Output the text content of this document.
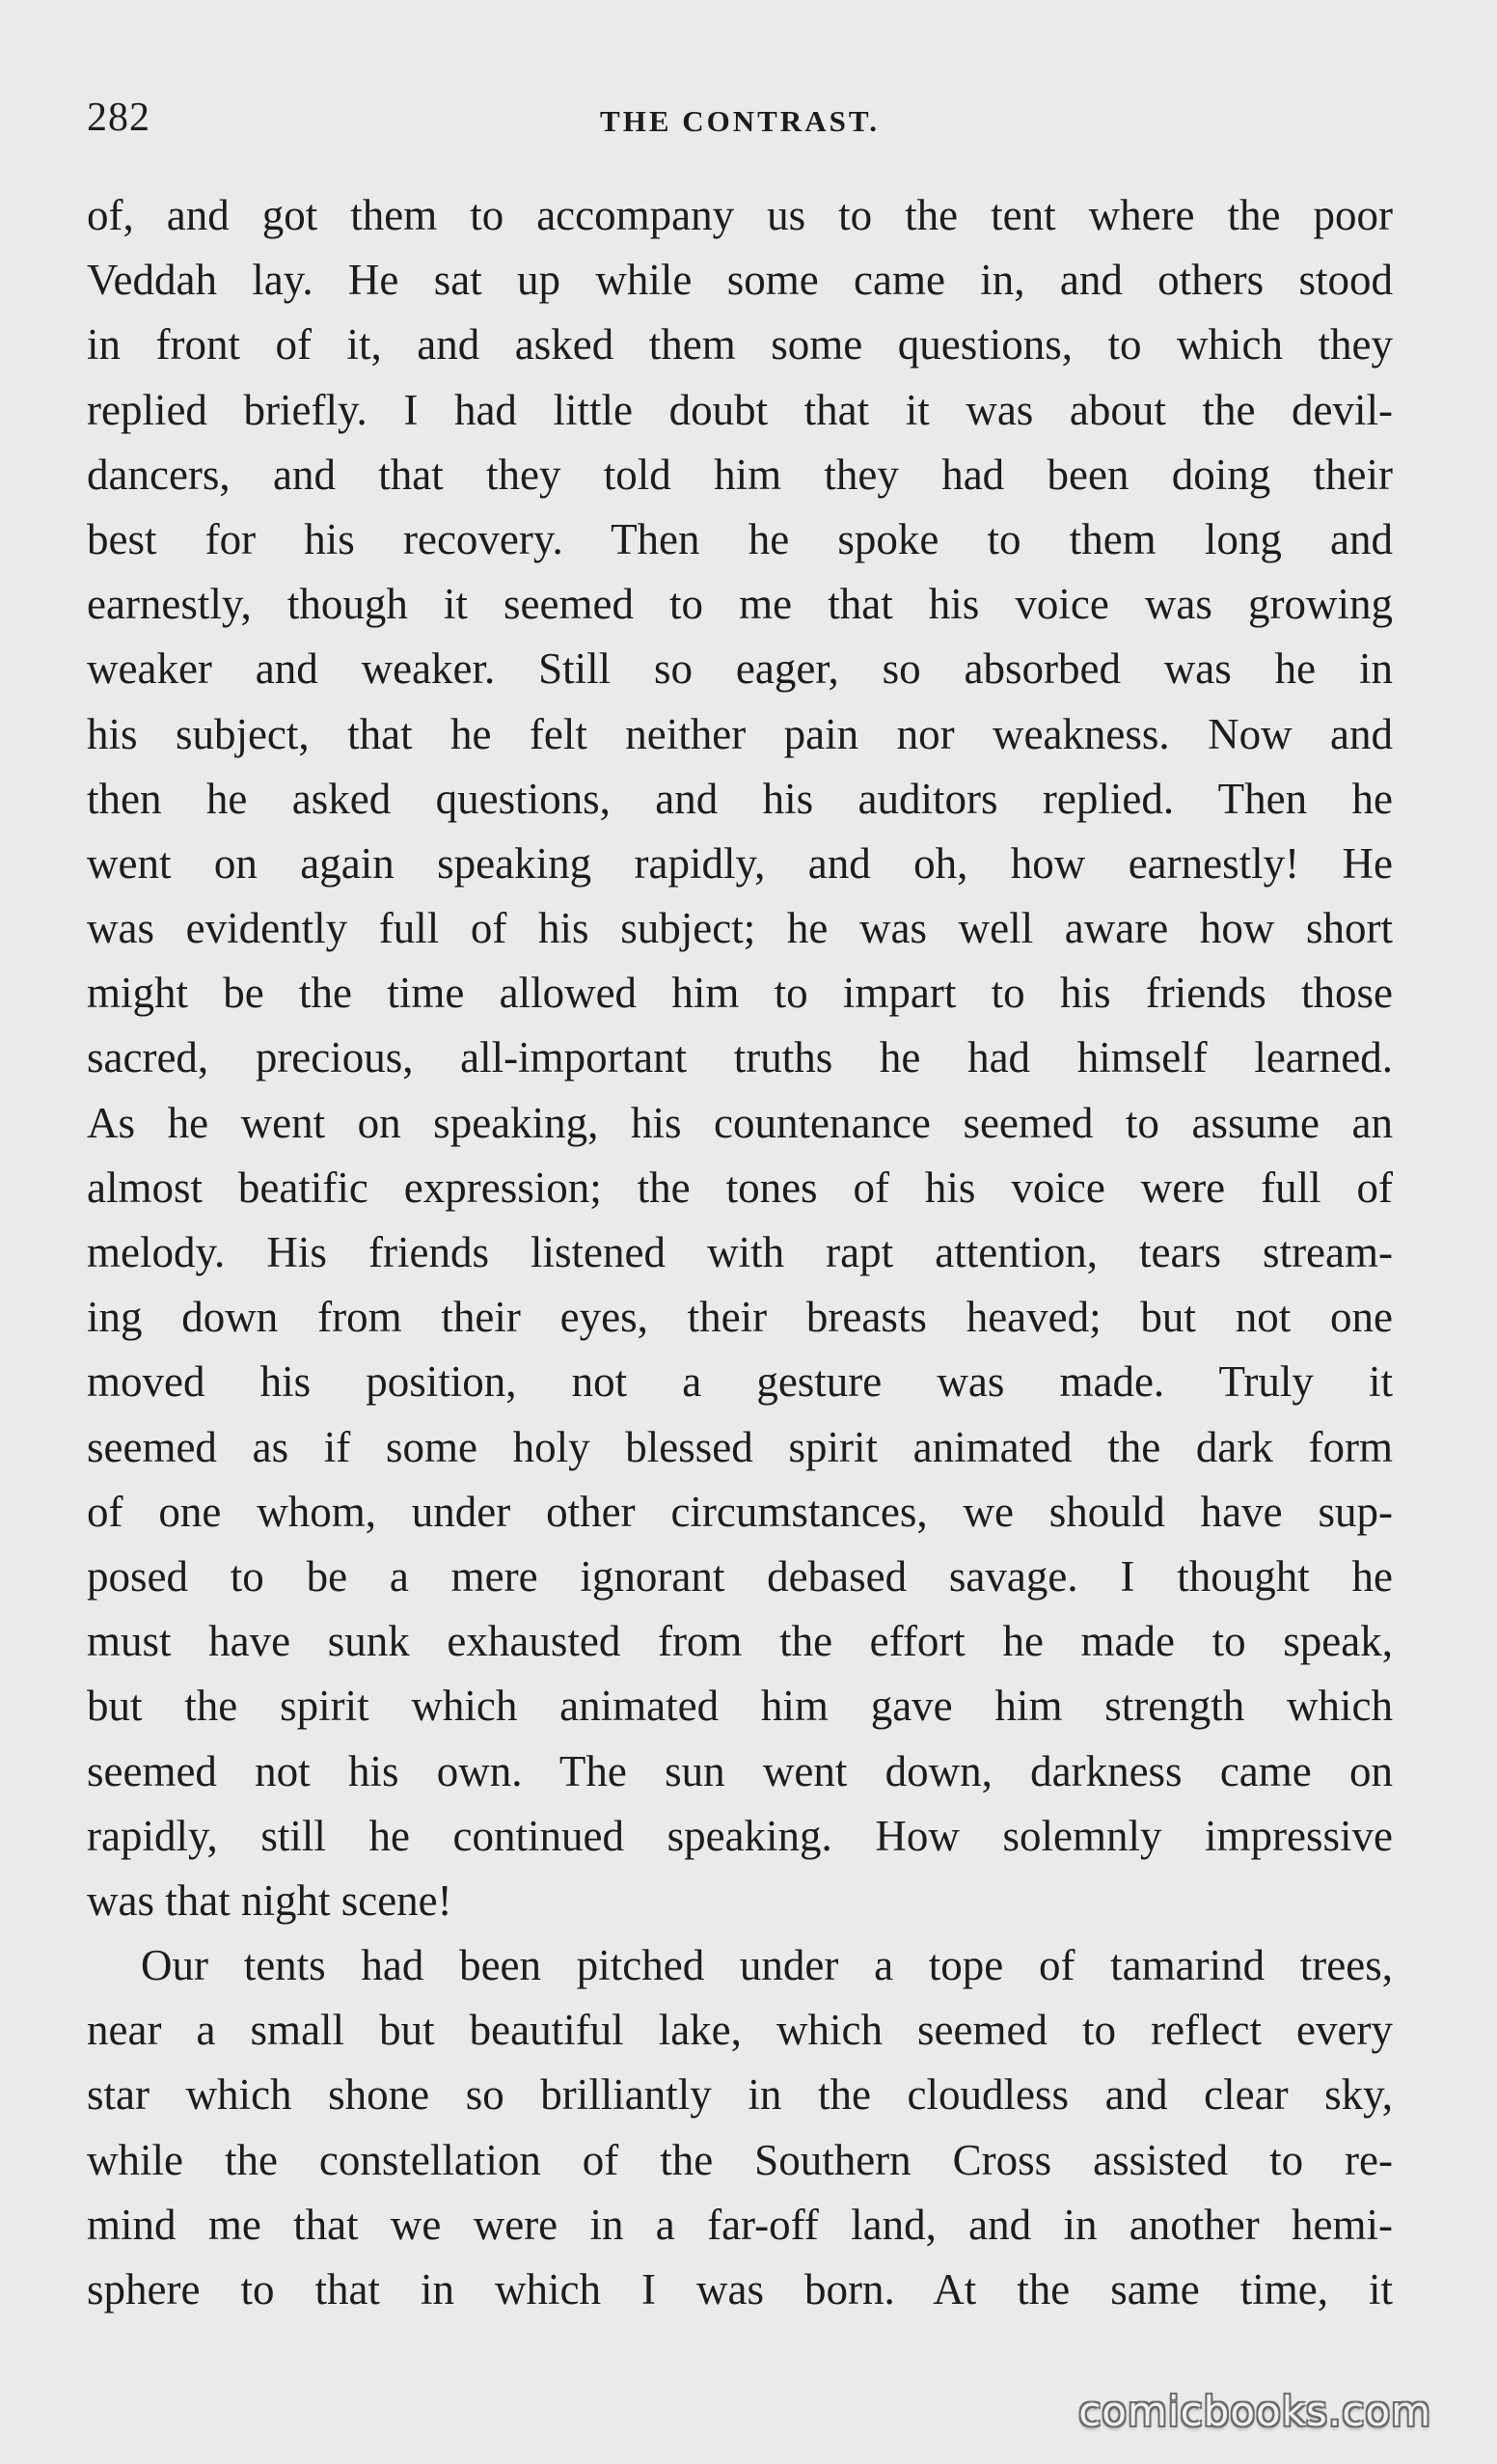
282	THE CONTRAST.
of, and got them to accompany us to the tent where the poor
Veddah lay. He sat up while some came in, and others stood
in front of it, and asked them some questions, to which they
replied briefly. I had little doubt that it was about the devil-
dancers, and that they told him they had been doing their
best for his recovery. Then he spoke to them long and
earnestly, though it seemed to me that his voice was growing
weaker and weaker. Still so eager, so absorbed was he in
his subject, that he felt neither pain nor weakness. Now and
then he asked questions, and his auditors replied. Then he
went on again speaking rapidly, and oh, how earnestly! He
was evidently full of his subject; he was well aware how short
might be the time allowed him to impart to his friends those
sacred, precious, all-important truths he had himself learned.
As he went on speaking, his countenance seemed to assume an
almost beatific expression; the tones of his voice were full of
melody. His friends listened with rapt attention, tears stream-
ing down from their eyes, their breasts heaved; but not one
moved his position, not a gesture was made. Truly it
seemed as if some holy blessed spirit animated the dark form
of one whom, under other circumstances, we should have sup-
posed to be a mere ignorant debased savage. I thought he
must have sunk exhausted from the effort he made to speak,
but the spirit which animated him gave him strength which
seemed not his own. The sun went down, darkness came on
rapidly, still he continued speaking. How solemnly impressive
was that night scene!
Our tents had been pitched under a tope of tamarind trees,
near a small but beautiful lake, which seemed to reflect every
star which shone so brilliantly in the cloudless and clear sky,
while the constellation of the Southern Cross assisted to re-
mind me that we were in a far-off land, and in another hemi-
sphere to that in which I was born. At the same time, it
comicbooks.com
